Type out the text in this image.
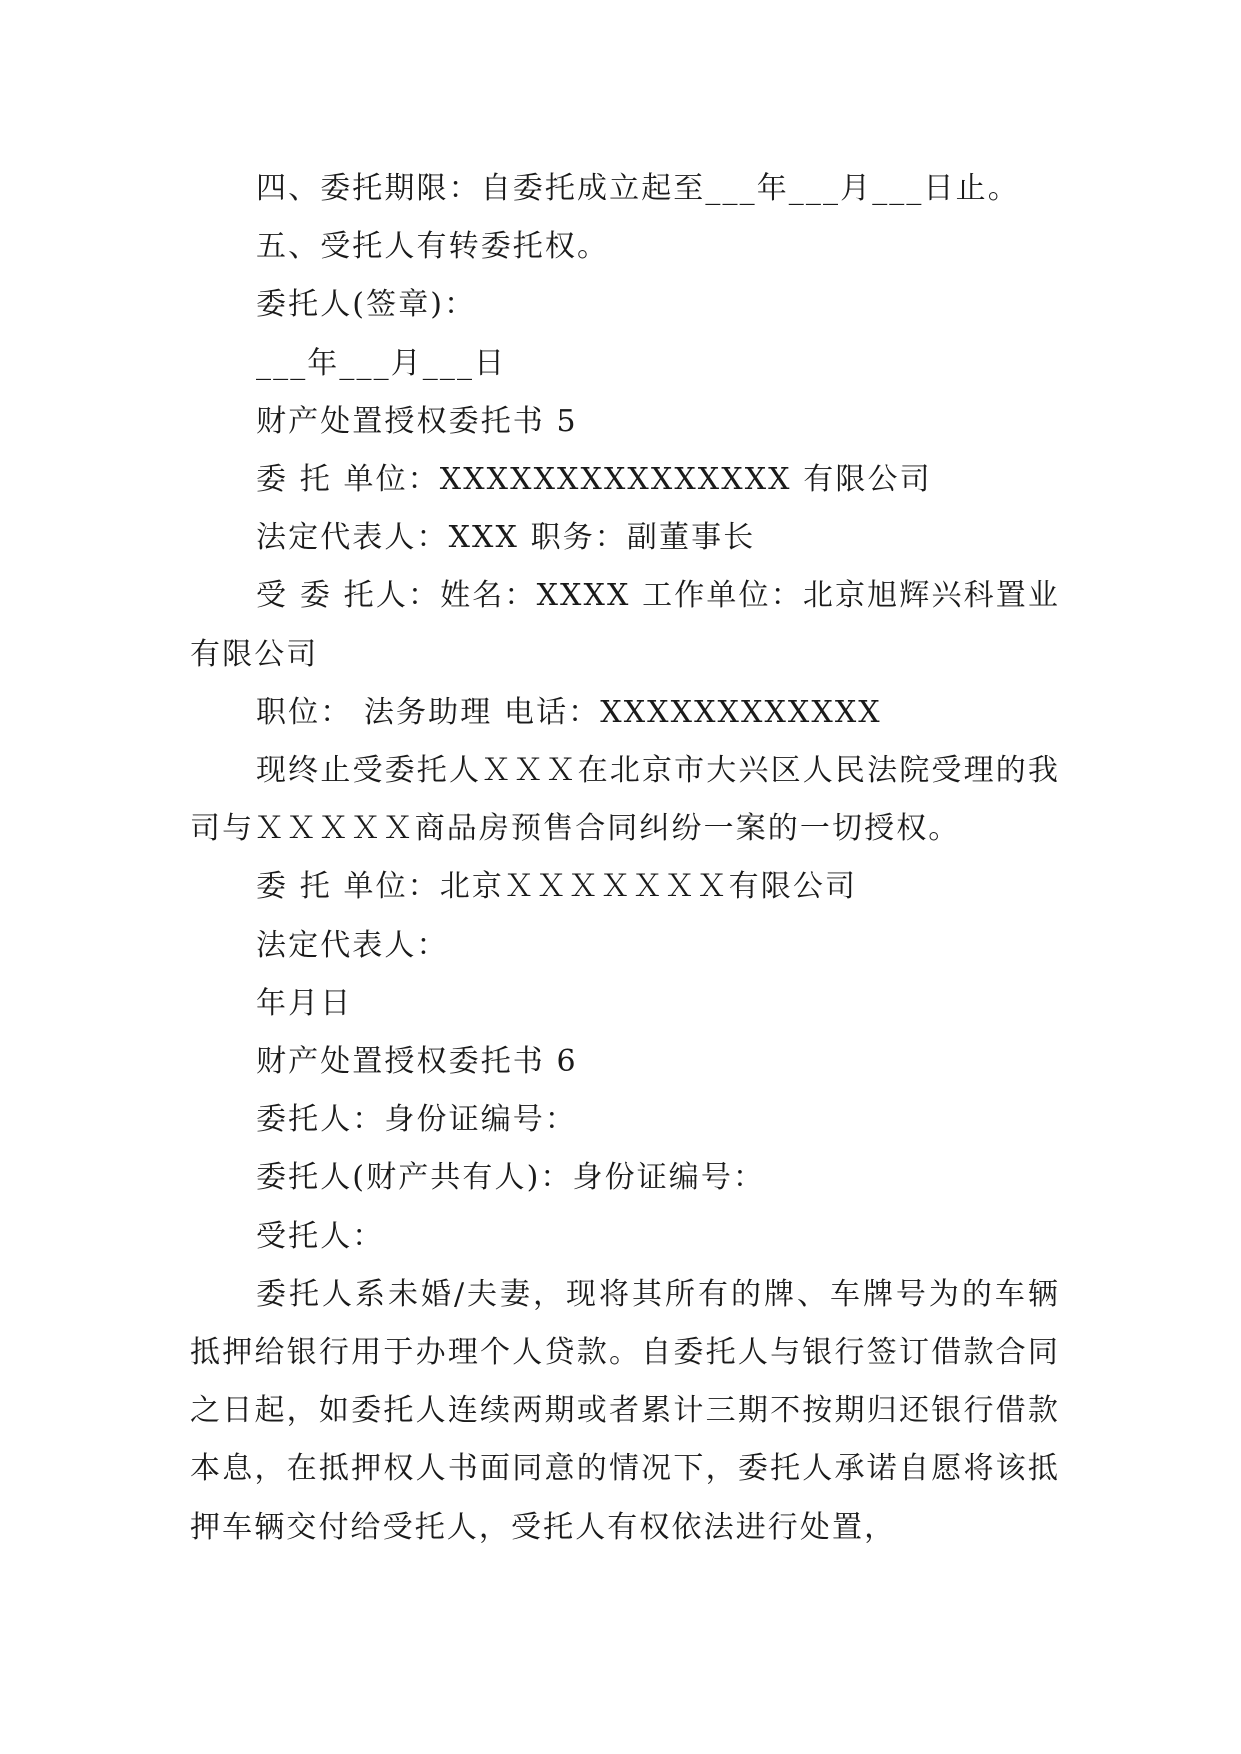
四、委托期限：自委托成立起至___年___月___日止。

五、受托人有转委托权。

委托人(签章)：

___年___月___日

财产处置授权委托书 5

委 托 单位：XXXXXXXXXXXXXXX 有限公司

法定代表人：XXX 职务：副董事长

受 委 托人：姓名：XXXX 工作单位：北京旭辉兴科置业有限公司

职位： 法务助理 电话：XXXXXXXXXXXX

现终止受委托人ＸＸＸ在北京市大兴区人民法院受理的我司与ＸＸＸＸＸ商品房预售合同纠纷一案的一切授权。

委 托 单位：北京ＸＸＸＸＸＸＸ有限公司

法定代表人：

年月日

财产处置授权委托书 6

委托人：身份证编号：

委托人(财产共有人)：身份证编号：

受托人：

委托人系未婚/夫妻，现将其所有的牌、车牌号为的车辆抵押给银行用于办理个人贷款。自委托人与银行签订借款合同之日起，如委托人连续两期或者累计三期不按期归还银行借款本息，在抵押权人书面同意的情况下，委托人承诺自愿将该抵押车辆交付给受托人，受托人有权依法进行处置，
